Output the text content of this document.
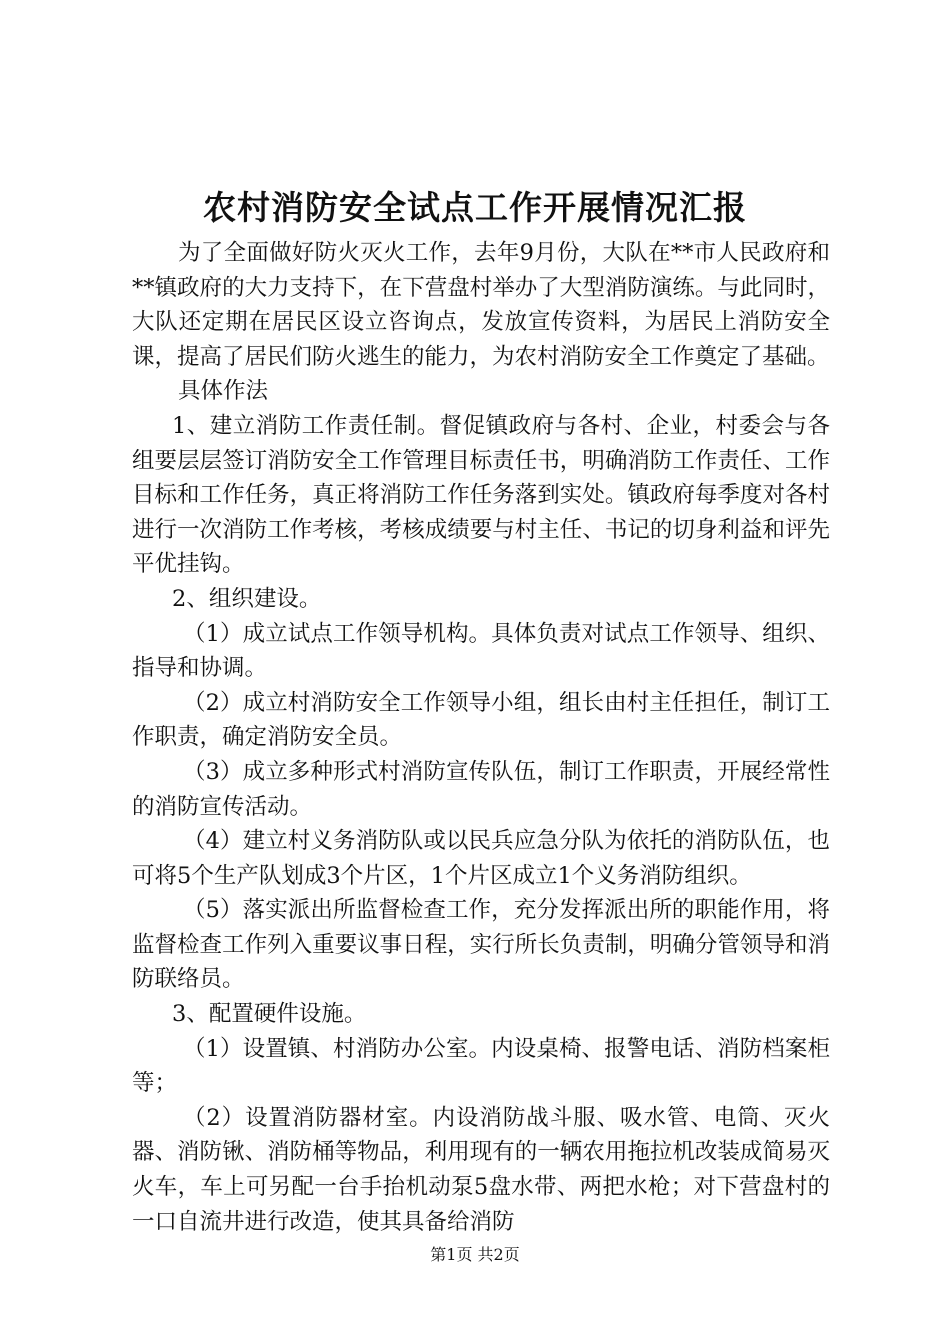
农村消防安全试点工作开展情况汇报

为了全面做好防火灭火工作，去年9月份，大队在**市人民政府和**镇政府的大力支持下，在下营盘村举办了大型消防演练。与此同时，大队还定期在居民区设立咨询点，发放宣传资料，为居民上消防安全课，提高了居民们防火逃生的能力，为农村消防安全工作奠定了基础。

具体作法

1、建立消防工作责任制。督促镇政府与各村、企业，村委会与各组要层层签订消防安全工作管理目标责任书，明确消防工作责任、工作目标和工作任务，真正将消防工作任务落到实处。镇政府每季度对各村进行一次消防工作考核，考核成绩要与村主任、书记的切身利益和评先平优挂钩。

2、组织建设。

（1）成立试点工作领导机构。具体负责对试点工作领导、组织、指导和协调。

（2）成立村消防安全工作领导小组，组长由村主任担任，制订工作职责，确定消防安全员。

（3）成立多种形式村消防宣传队伍，制订工作职责，开展经常性的消防宣传活动。

（4）建立村义务消防队或以民兵应急分队为依托的消防队伍，也可将5个生产队划成3个片区，1个片区成立1个义务消防组织。

（5）落实派出所监督检查工作，充分发挥派出所的职能作用，将监督检查工作列入重要议事日程，实行所长负责制，明确分管领导和消防联络员。

3、配置硬件设施。

（1）设置镇、村消防办公室。内设桌椅、报警电话、消防档案柜等；

（2）设置消防器材室。内设消防战斗服、吸水管、电筒、灭火器、消防锹、消防桶等物品，利用现有的一辆农用拖拉机改装成简易灭火车，车上可另配一台手抬机动泵5盘水带、两把水枪；对下营盘村的一口自流井进行改造，使其具备给消防

第1页 共2页
